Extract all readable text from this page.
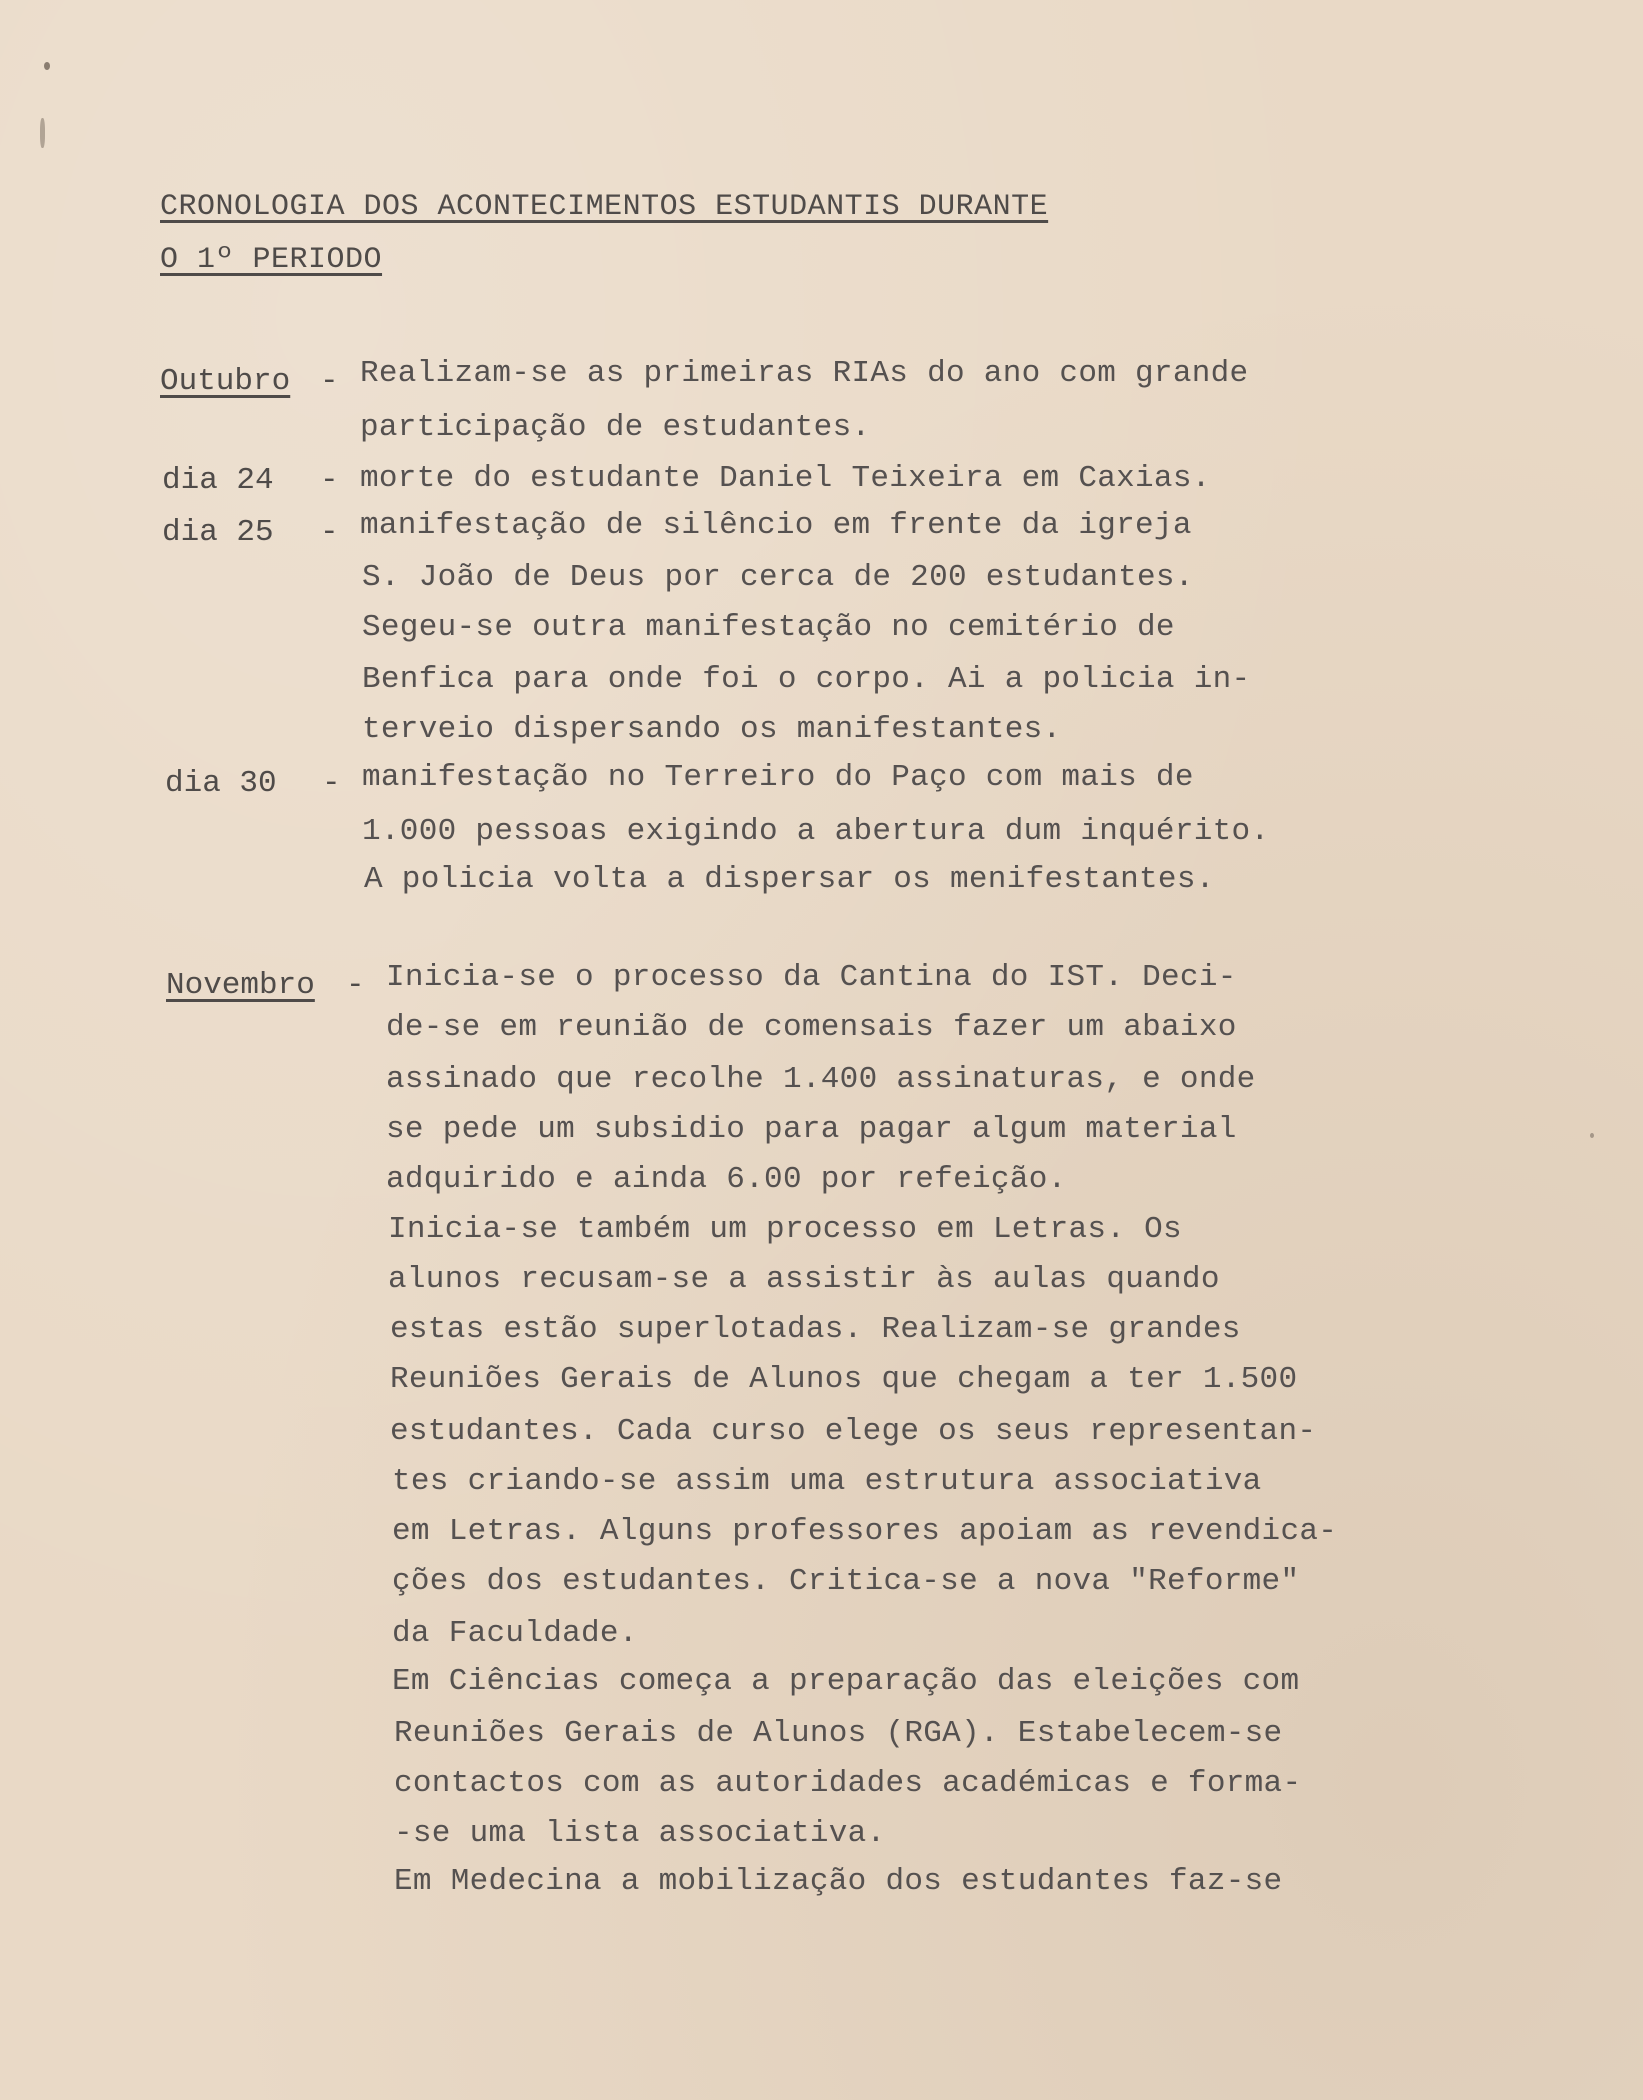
CRONOLOGIA DOS ACONTECIMENTOS ESTUDANTIS DURANTE
O 1º PERIODO
Outubro - Realizam-se as primeiras RIAs do ano com grande
participação de estudantes.
dia 24 - morte do estudante Daniel Teixeira em Caxias.
dia 25 - manifestação de silêncio em frente da igreja
S. João de Deus por cerca de 200 estudantes.
Segeu-se outra manifestação no cemitério de
Benfica para onde foi o corpo. Ai a policia in-
terveio dispersando os manifestantes.
dia 30 - manifestação no Terreiro do Paço com mais de
1.000 pessoas exigindo a abertura dum inquérito.
A policia volta a dispersar os menifestantes.
Novembro - Inicia-se o processo da Cantina do IST. Deci-
de-se em reunião de comensais fazer um abaixo
assinado que recolhe 1.400 assinaturas, e onde
se pede um subsidio para pagar algum material
adquirido e ainda 6.00 por refeição.
Inicia-se também um processo em Letras. Os
alunos recusam-se a assistir às aulas quando
estas estão superlotadas. Realizam-se grandes
Reuniões Gerais de Alunos que chegam a ter 1.500
estudantes. Cada curso elege os seus representan-
tes criando-se assim uma estrutura associativa
em Letras. Alguns professores apoiam as revendica-
ções dos estudantes. Critica-se a nova "Reforme"
da Faculdade.
Em Ciências começa a preparação das eleições com
Reuniões Gerais de Alunos (RGA). Estabelecem-se
contactos com as autoridades académicas e forma-
-se uma lista associativa.
Em Medecina a mobilização dos estudantes faz-se
